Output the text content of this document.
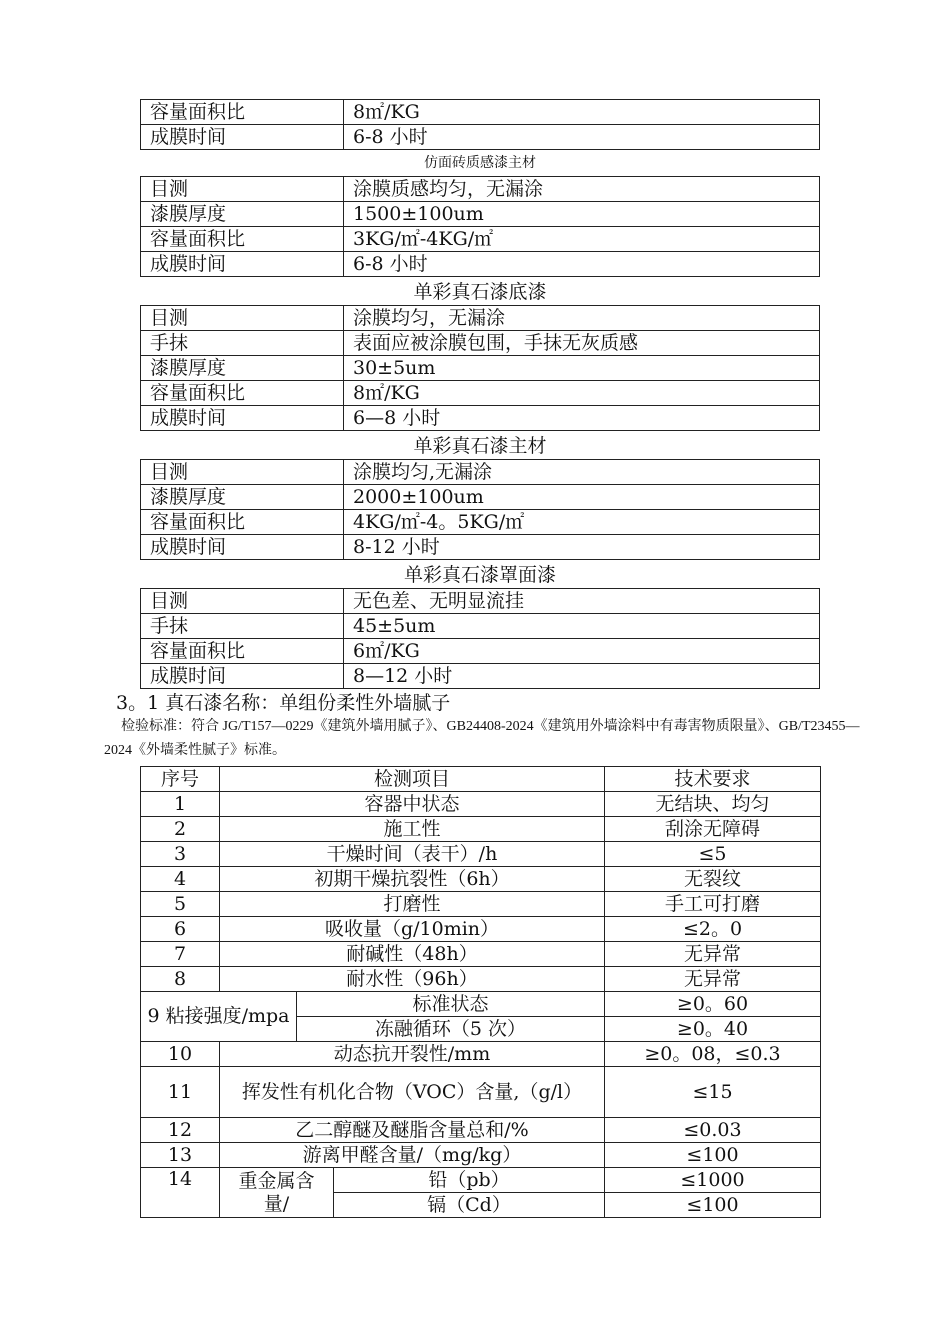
容量面积比	8㎡/KG
成膜时间	6-8 小时
仿面砖质感漆主材
目测	涂膜质感均匀，无漏涂
漆膜厚度	1500±100um
容量面积比	3KG/㎡-4KG/㎡
成膜时间	6-8 小时
单彩真石漆底漆
目测	涂膜均匀，无漏涂
手抹	表面应被涂膜包围，手抹无灰质感
漆膜厚度	30±5um
容量面积比	8㎡/KG
成膜时间	6—8 小时
单彩真石漆主材
目测	涂膜均匀,无漏涂
漆膜厚度	2000±100um
容量面积比	4KG/㎡-4。5KG/㎡
成膜时间	8-12 小时
单彩真石漆罩面漆
目测	无色差、无明显流挂
手抹	45±5um
容量面积比	6㎡/KG
成膜时间	8—12 小时
3。1 真石漆名称：单组份柔性外墙腻子
检验标准：符合 JG/T157—0229《建筑外墙用腻子》、GB24408-2024《建筑用外墙涂料中有毒害物质限量》、GB/T23455—2024《外墙柔性腻子》标准。
序号	检测项目			技术要求
1	容器中状态			无结块、均匀
2	施工性			刮涂无障碍
3	干燥时间（表干）/h			≤5
4	初期干燥抗裂性（6h）			无裂纹
5	打磨性			手工可打磨
6	吸收量（g/10min）			≤2。0
7	耐碱性（48h）			无异常
8	耐水性（96h）			无异常
9 粘接强度/mpa		标准状态		≥0。60
		冻融循环（5 次）		≥0。40
10	动态抗开裂性/mm			≥0。08，≤0.3
11	挥发性有机化合物（VOC）含量,（g/l）			≤15
12	乙二醇醚及醚脂含量总和/%			≤0.03
13	游离甲醛含量/（mg/kg）			≤100
14	重金属含量/		铅（pb）	≤1000
			镉（Cd）	≤100
